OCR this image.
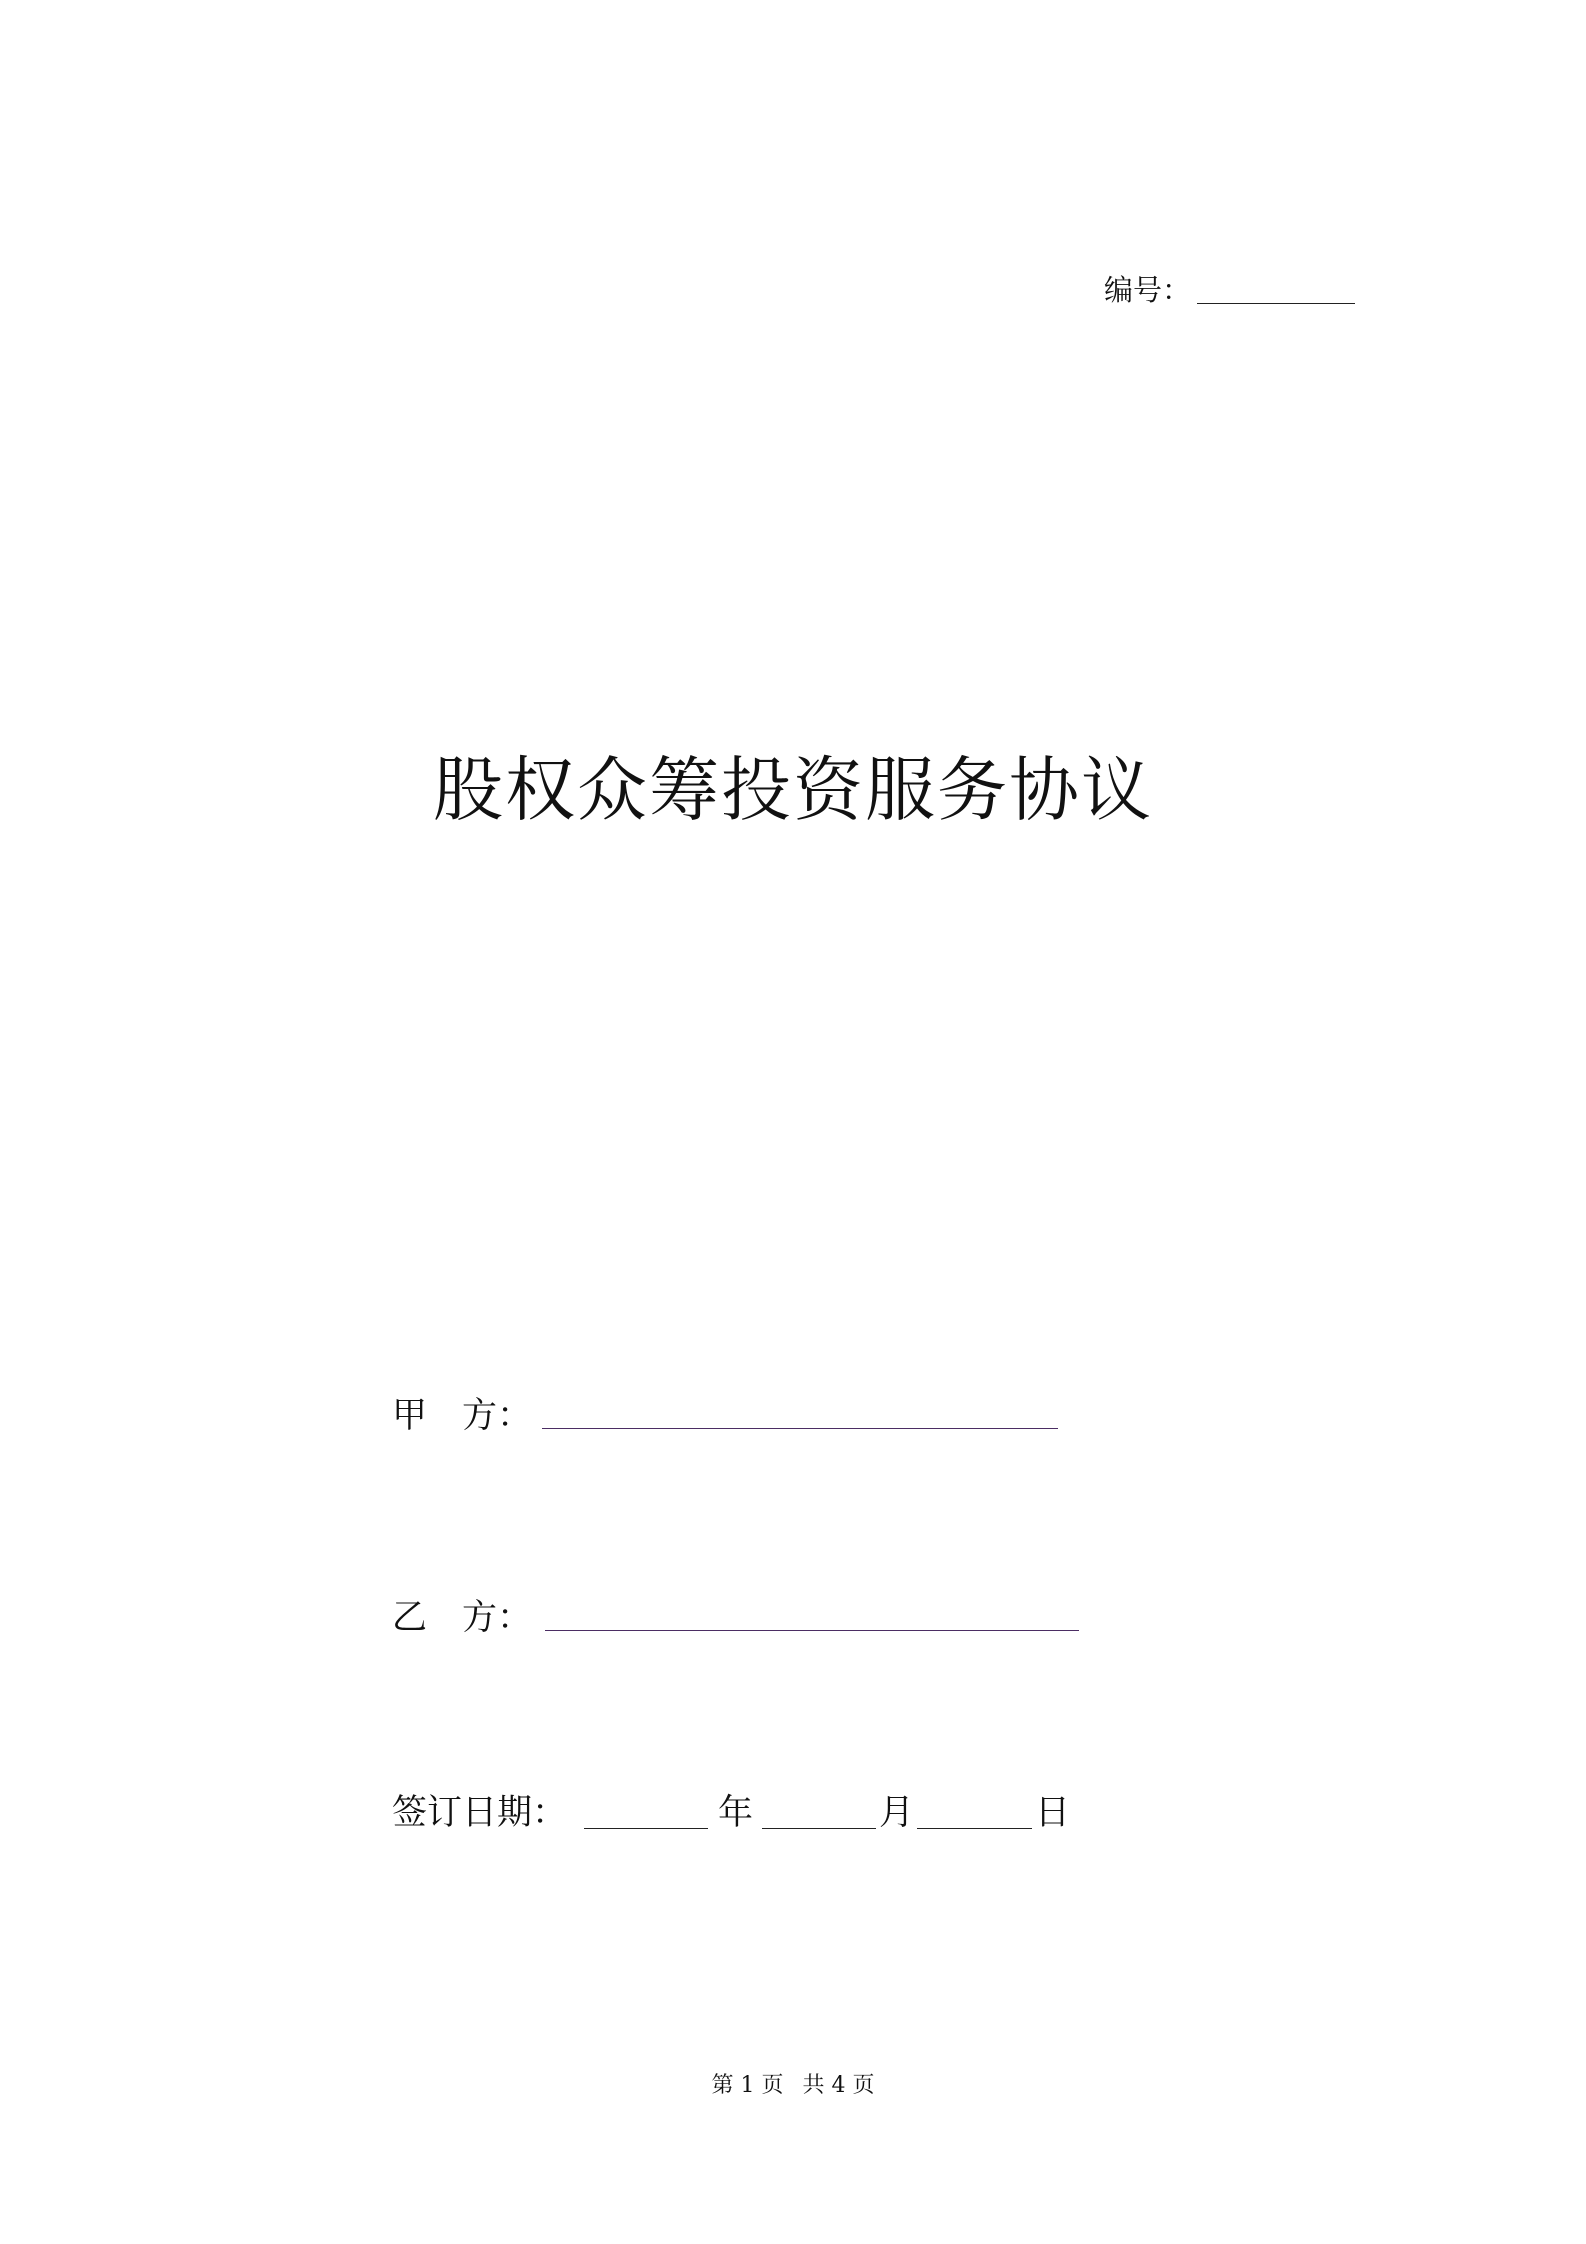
编号：
股权众筹投资服务协议
甲　方：
乙　方：
签订日期：	年	月	日
第 1 页 共 4 页
